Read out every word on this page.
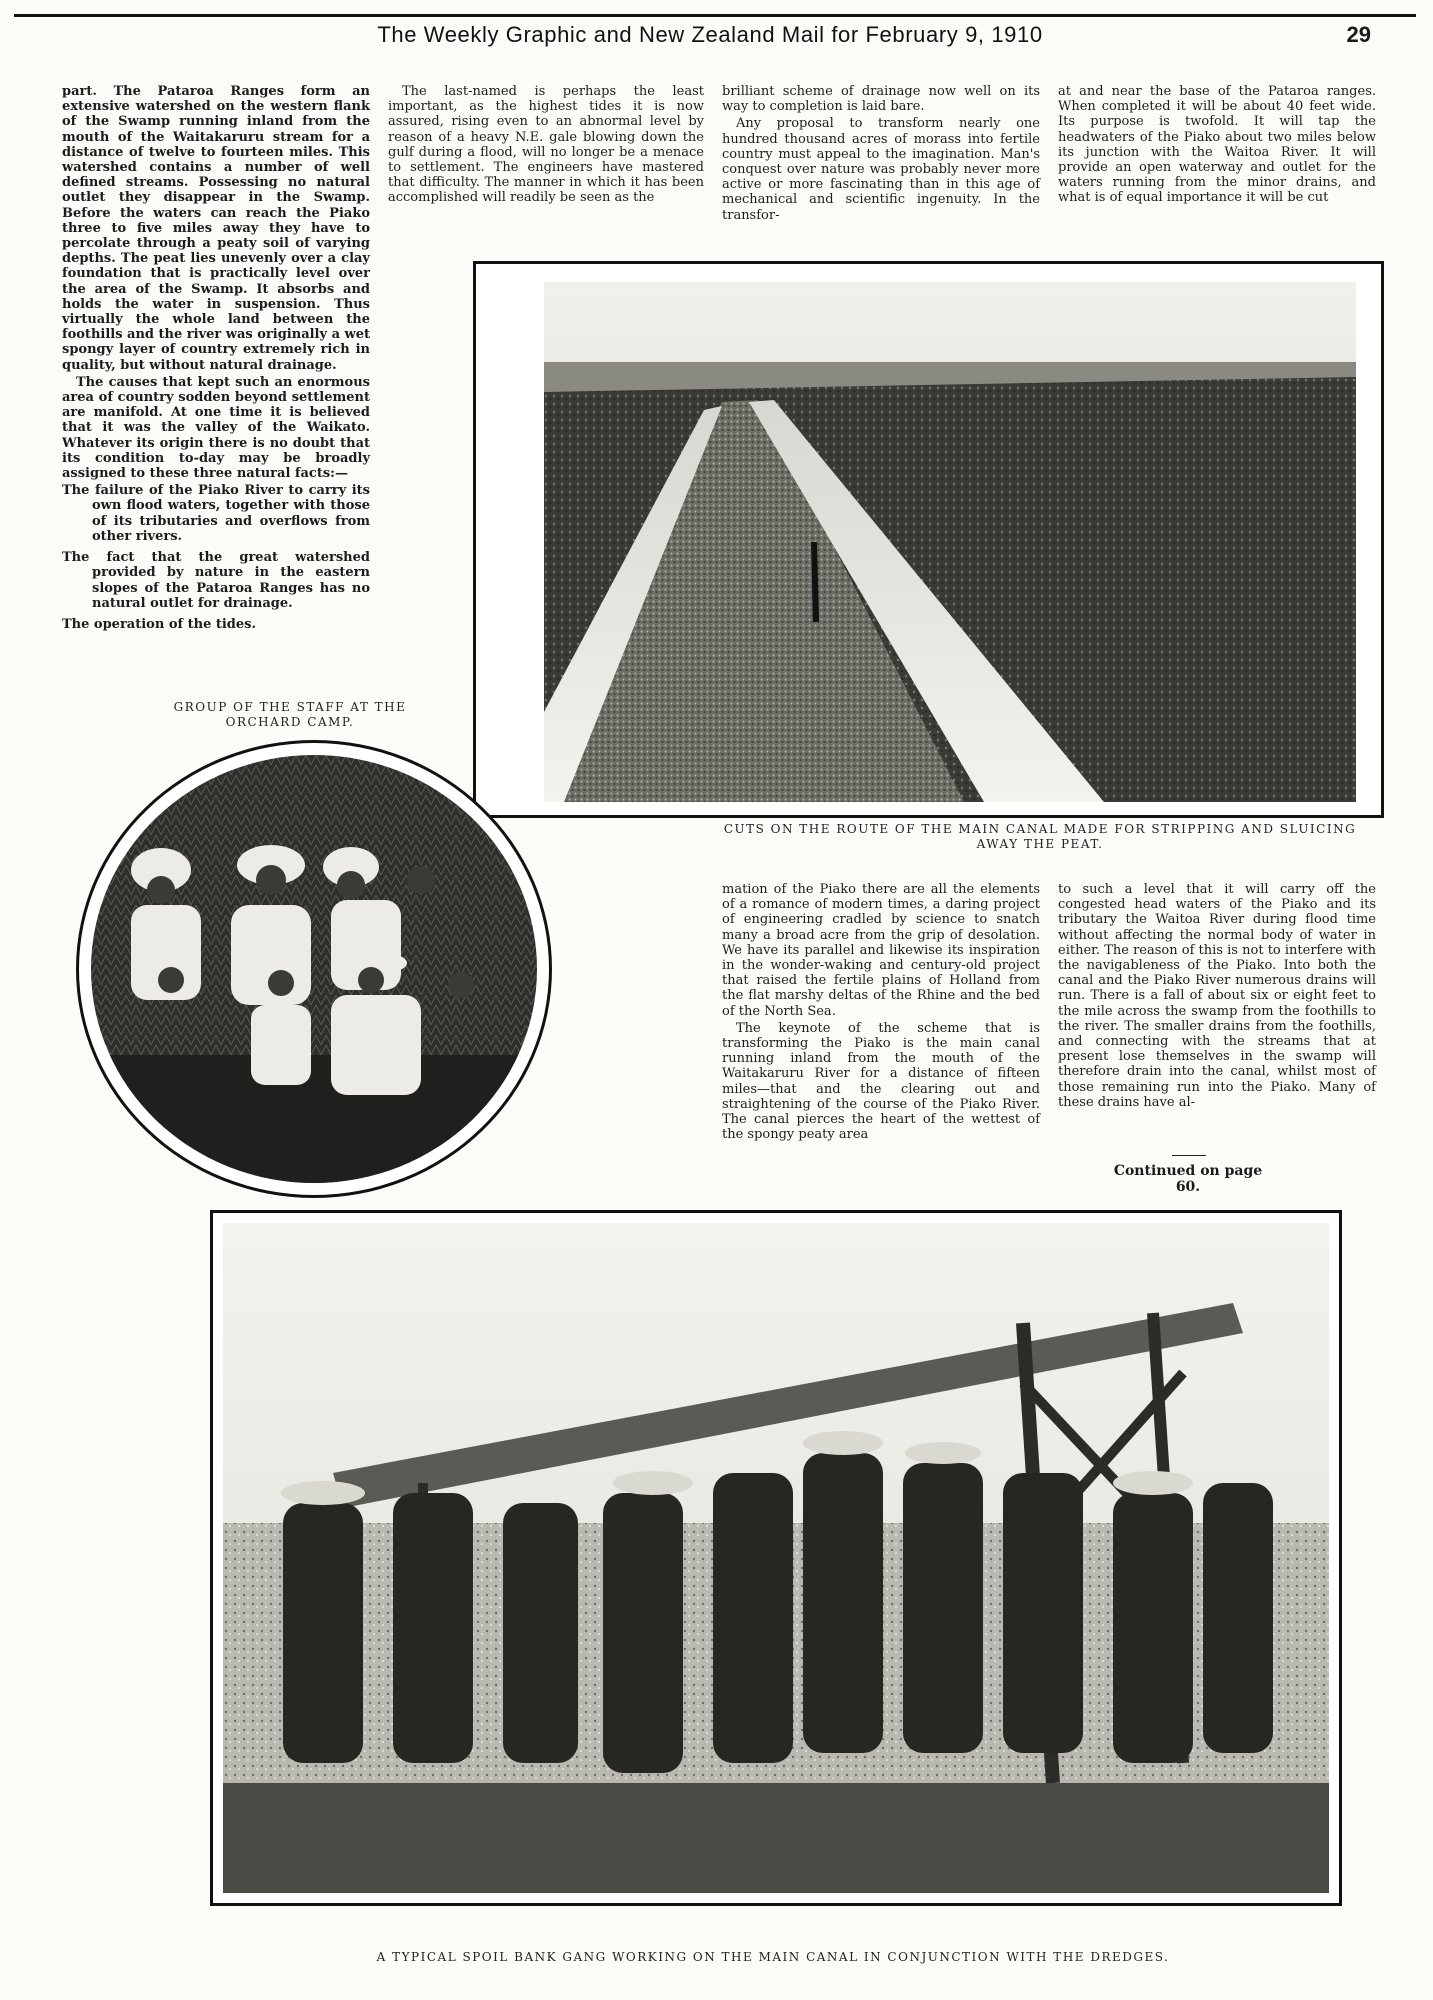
The Weekly Graphic and New Zealand Mail for February 9, 1910	29

part. The Pataroa Ranges form an extensive watershed on the western flank of the Swamp running inland from the mouth of the Waitakaruru stream for a distance of twelve to fourteen miles. This watershed contains a number of well defined streams. Possessing no natural outlet they disappear in the Swamp. Before the waters can reach the Piako three to five miles away they have to percolate through a peaty soil of varying depths. The peat lies unevenly over a clay foundation that is practically level over the area of the Swamp. It absorbs and holds the water in suspension. Thus virtually the whole land between the foothills and the river was originally a wet spongy layer of country extremely rich in quality, but without natural drainage.

The causes that kept such an enormous area of country sodden beyond settlement are manifold. At one time it is believed that it was the valley of the Waikato. Whatever its origin there is no doubt that its condition to-day may be broadly assigned to these three natural facts:—

The failure of the Piako River to carry its own flood waters, together with those of its tributaries and overflows from other rivers.
The fact that the great watershed provided by nature in the eastern slopes of the Pataroa Ranges has no natural outlet for drainage.
The operation of the tides.

The last-named is perhaps the least important, as the highest tides it is now assured, rising even to an abnormal level by reason of a heavy N.E. gale blowing down the gulf during a flood, will no longer be a menace to settlement. The engineers have mastered that difficulty. The manner in which it has been accomplished will readily be seen as the

brilliant scheme of drainage now well on its way to completion is laid bare.

Any proposal to transform nearly one hundred thousand acres of morass into fertile country must appeal to the imagination. Man's conquest over nature was probably never more active or more fascinating than in this age of mechanical and scientific ingenuity. In the transfor-

at and near the base of the Pataroa ranges. When completed it will be about 40 feet wide. Its purpose is twofold. It will tap the headwaters of the Piako about two miles below its junction with the Waitoa River. It will provide an open waterway and outlet for the waters running from the minor drains, and what is of equal importance it will be cut

CUTS ON THE ROUTE OF THE MAIN CANAL MADE FOR STRIPPING AND SLUICING AWAY THE PEAT.
GROUP OF THE STAFF AT THE ORCHARD CAMP.

mation of the Piako there are all the elements of a romance of modern times, a daring project of engineering cradled by science to snatch many a broad acre from the grip of desolation. We have its parallel and likewise its inspiration in the wonder-waking and century-old project that raised the fertile plains of Holland from the flat marshy deltas of the Rhine and the bed of the North Sea.

The keynote of the scheme that is transforming the Piako is the main canal running inland from the mouth of the Waitakaruru River for a distance of fifteen miles—that and the clearing out and straightening of the course of the Piako River. The canal pierces the heart of the wettest of the spongy peaty area

to such a level that it will carry off the congested head waters of the Piako and its tributary the Waitoa River during flood time without affecting the normal body of water in either. The reason of this is not to interfere with the navigableness of the Piako. Into both the canal and the Piako River numerous drains will run. There is a fall of about six or eight feet to the mile across the swamp from the foothills to the river. The smaller drains from the foothills, and connecting with the streams that at present lose themselves in the swamp will therefore drain into the canal, whilst most of those remaining run into the Piako. Many of these drains have al-

Continued on page 60.
A TYPICAL SPOIL BANK GANG WORKING ON THE MAIN CANAL IN CONJUNCTION WITH THE DREDGES.
